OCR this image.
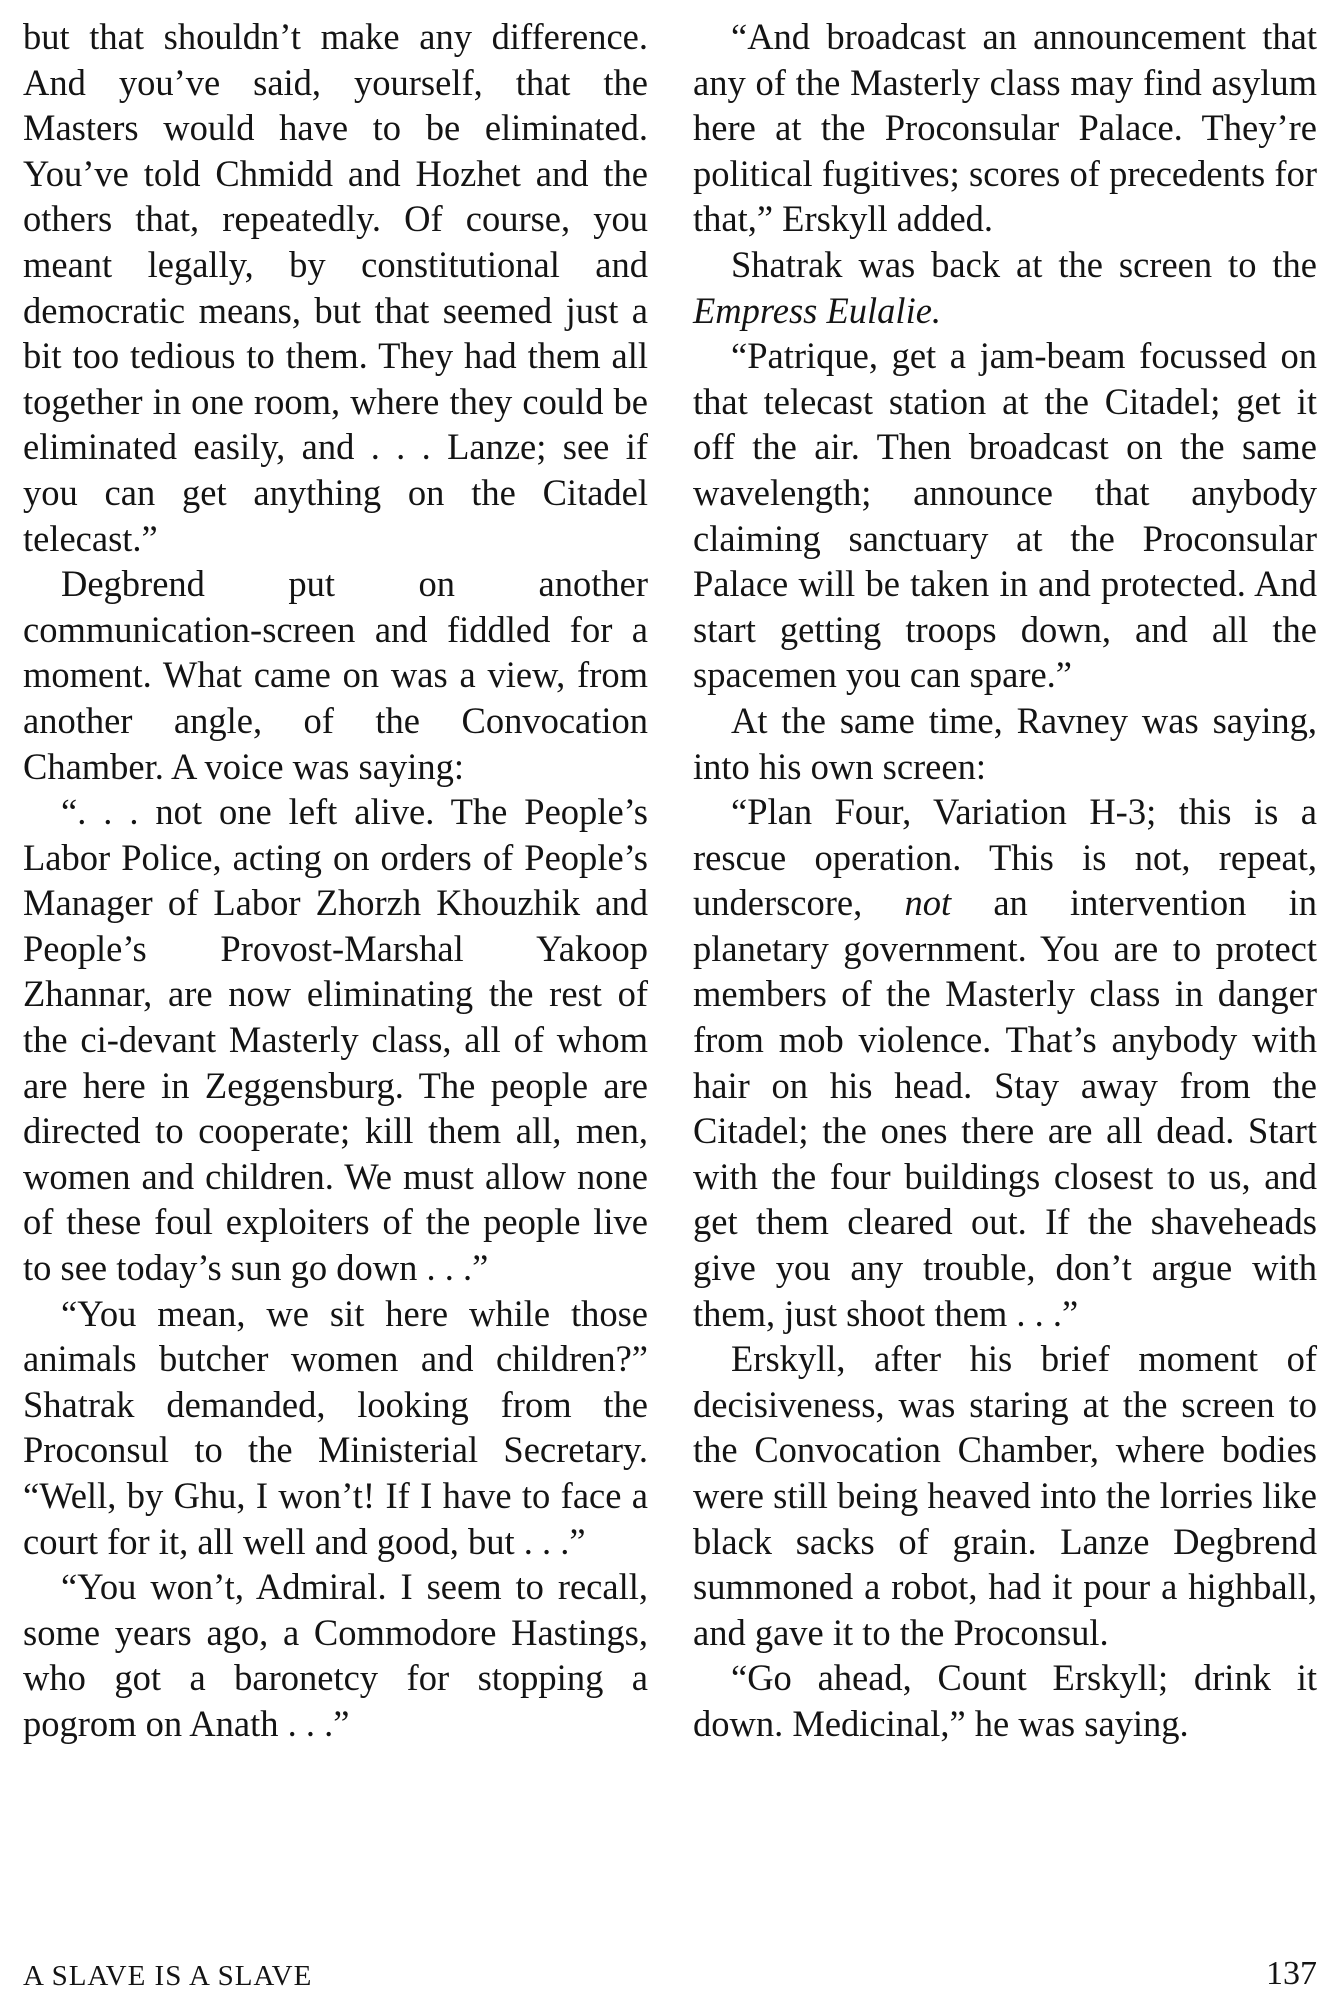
but that shouldn’t make any difference. And you’ve said, yourself, that the Masters would have to be eliminated. You’ve told Chmidd and Hozhet and the others that, repeatedly. Of course, you meant legally, by constitutional and democratic means, but that seemed just a bit too tedious to them. They had them all together in one room, where they could be eliminated easily, and . . . Lanze; see if you can get anything on the Citadel telecast.”

Degbrend put on another communication-screen and fiddled for a moment. What came on was a view, from another angle, of the Convocation Chamber. A voice was saying:

“. . . not one left alive. The People’s Labor Police, acting on orders of People’s Manager of Labor Zhorzh Khouzhik and People’s Provost-Marshal Yakoop Zhannar, are now eliminating the rest of the ci-devant Masterly class, all of whom are here in Zeggensburg. The people are directed to cooperate; kill them all, men, women and children. We must allow none of these foul exploiters of the people live to see today’s sun go down . . .”

“You mean, we sit here while those animals butcher women and children?” Shatrak demanded, looking from the Proconsul to the Ministerial Secretary. “Well, by Ghu, I won’t! If I have to face a court for it, all well and good, but . . .”

“You won’t, Admiral. I seem to recall, some years ago, a Commodore Hastings, who got a baronetcy for stopping a pogrom on Anath . . .”

“And broadcast an announcement that any of the Masterly class may find asylum here at the Proconsular Palace. They’re political fugitives; scores of precedents for that,” Erskyll added.

Shatrak was back at the screen to the Empress Eulalie.

“Patrique, get a jam-beam focussed on that telecast station at the Citadel; get it off the air. Then broadcast on the same wavelength; announce that anybody claiming sanctuary at the Proconsular Palace will be taken in and protected. And start getting troops down, and all the spacemen you can spare.”

At the same time, Ravney was saying, into his own screen:

“Plan Four, Variation H-3; this is a rescue operation. This is not, repeat, underscore, not an intervention in planetary government. You are to protect members of the Masterly class in danger from mob violence. That’s anybody with hair on his head. Stay away from the Citadel; the ones there are all dead. Start with the four buildings closest to us, and get them cleared out. If the shaveheads give you any trouble, don’t argue with them, just shoot them . . .”

Erskyll, after his brief moment of decisiveness, was staring at the screen to the Convocation Chamber, where bodies were still being heaved into the lorries like black sacks of grain. Lanze Degbrend summoned a robot, had it pour a highball, and gave it to the Proconsul.

“Go ahead, Count Erskyll; drink it down. Medicinal,” he was saying.

A SLAVE IS A SLAVE	137
